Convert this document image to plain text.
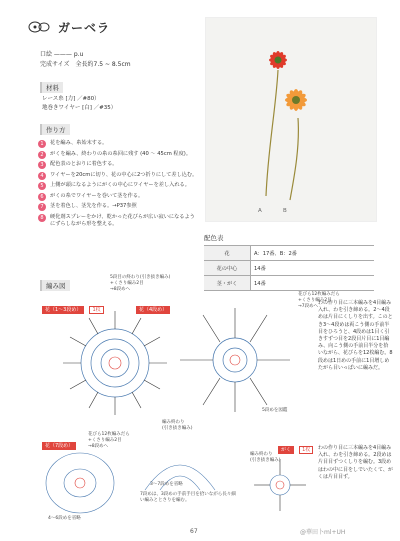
ガーベラ
口絵 ——— p.u
完成サイズ　全長約7.5 ~ 8.5cm
材料
レース糸 [力] ／#80）
地巻きワイヤー [白] ／#35）
作り方
1	花を編み、糸始末する。
2	がくを編み、終わりの糸の糸回に残す (40 ～ 45cm 程度)。
3	配色表のとおりに着色する。
4	ワイヤーを20cmに切り、花の中心に2つ折りにして差し込む。
5	上側が頭になるようにがくの中心にワイヤーを差し入れる。
6	がくの糸でワイヤーを巻いて茎を作る。
7	茎を着色し、茎先を作る。→P37参照
8	硬化剤スプレーをかけ、乾かった花びらが広い寂いになるようにずらしながら形を整える。
A	B
配色表
花	A：17番、B：2番
花の中心	14番
茎・がく	14番
編み図
5段目の終わり(引き抜き編み)
+くさり編み2目
→8段めへ
花（1～3段め） 1枚	花（4段め）
花びら12枚編みだら
+くさり編み2目
→7段めへ
5段めを図鑑
編み終わり
(引き抜き編み)
わの作り目に三本編みを4目編み入れ、わを引き締める。2～4段めは片目にくしりを出す。このとき3～4段めは両こう側の手前半目をひろうと、4段めは1目く引きすずつ目を2段目片目に1目編み、向こう側の手前目半分を拾いながら、花びらを12枚編む。8段めは1日めの手前に1目増しめたがら目いっぱいに編みだ。
花（7段め）
花びら12枚編みだら
+くさり編み2目
→8段めへ
4～6段めを省略
3～7段めを省略
7段めは、3段めの手前手目を拾いながら長々細い編みととさりを編む。
がく 1枚
編み終わり
(引き抜き編み)
わの作り目に三本編みを4目編み入れ、わを引き締める。2段めは片目目ずつくしりを編む。3段めはわの中に目をしでいたくて、がくは片目目ず。
67	@華田卜ml+UH
